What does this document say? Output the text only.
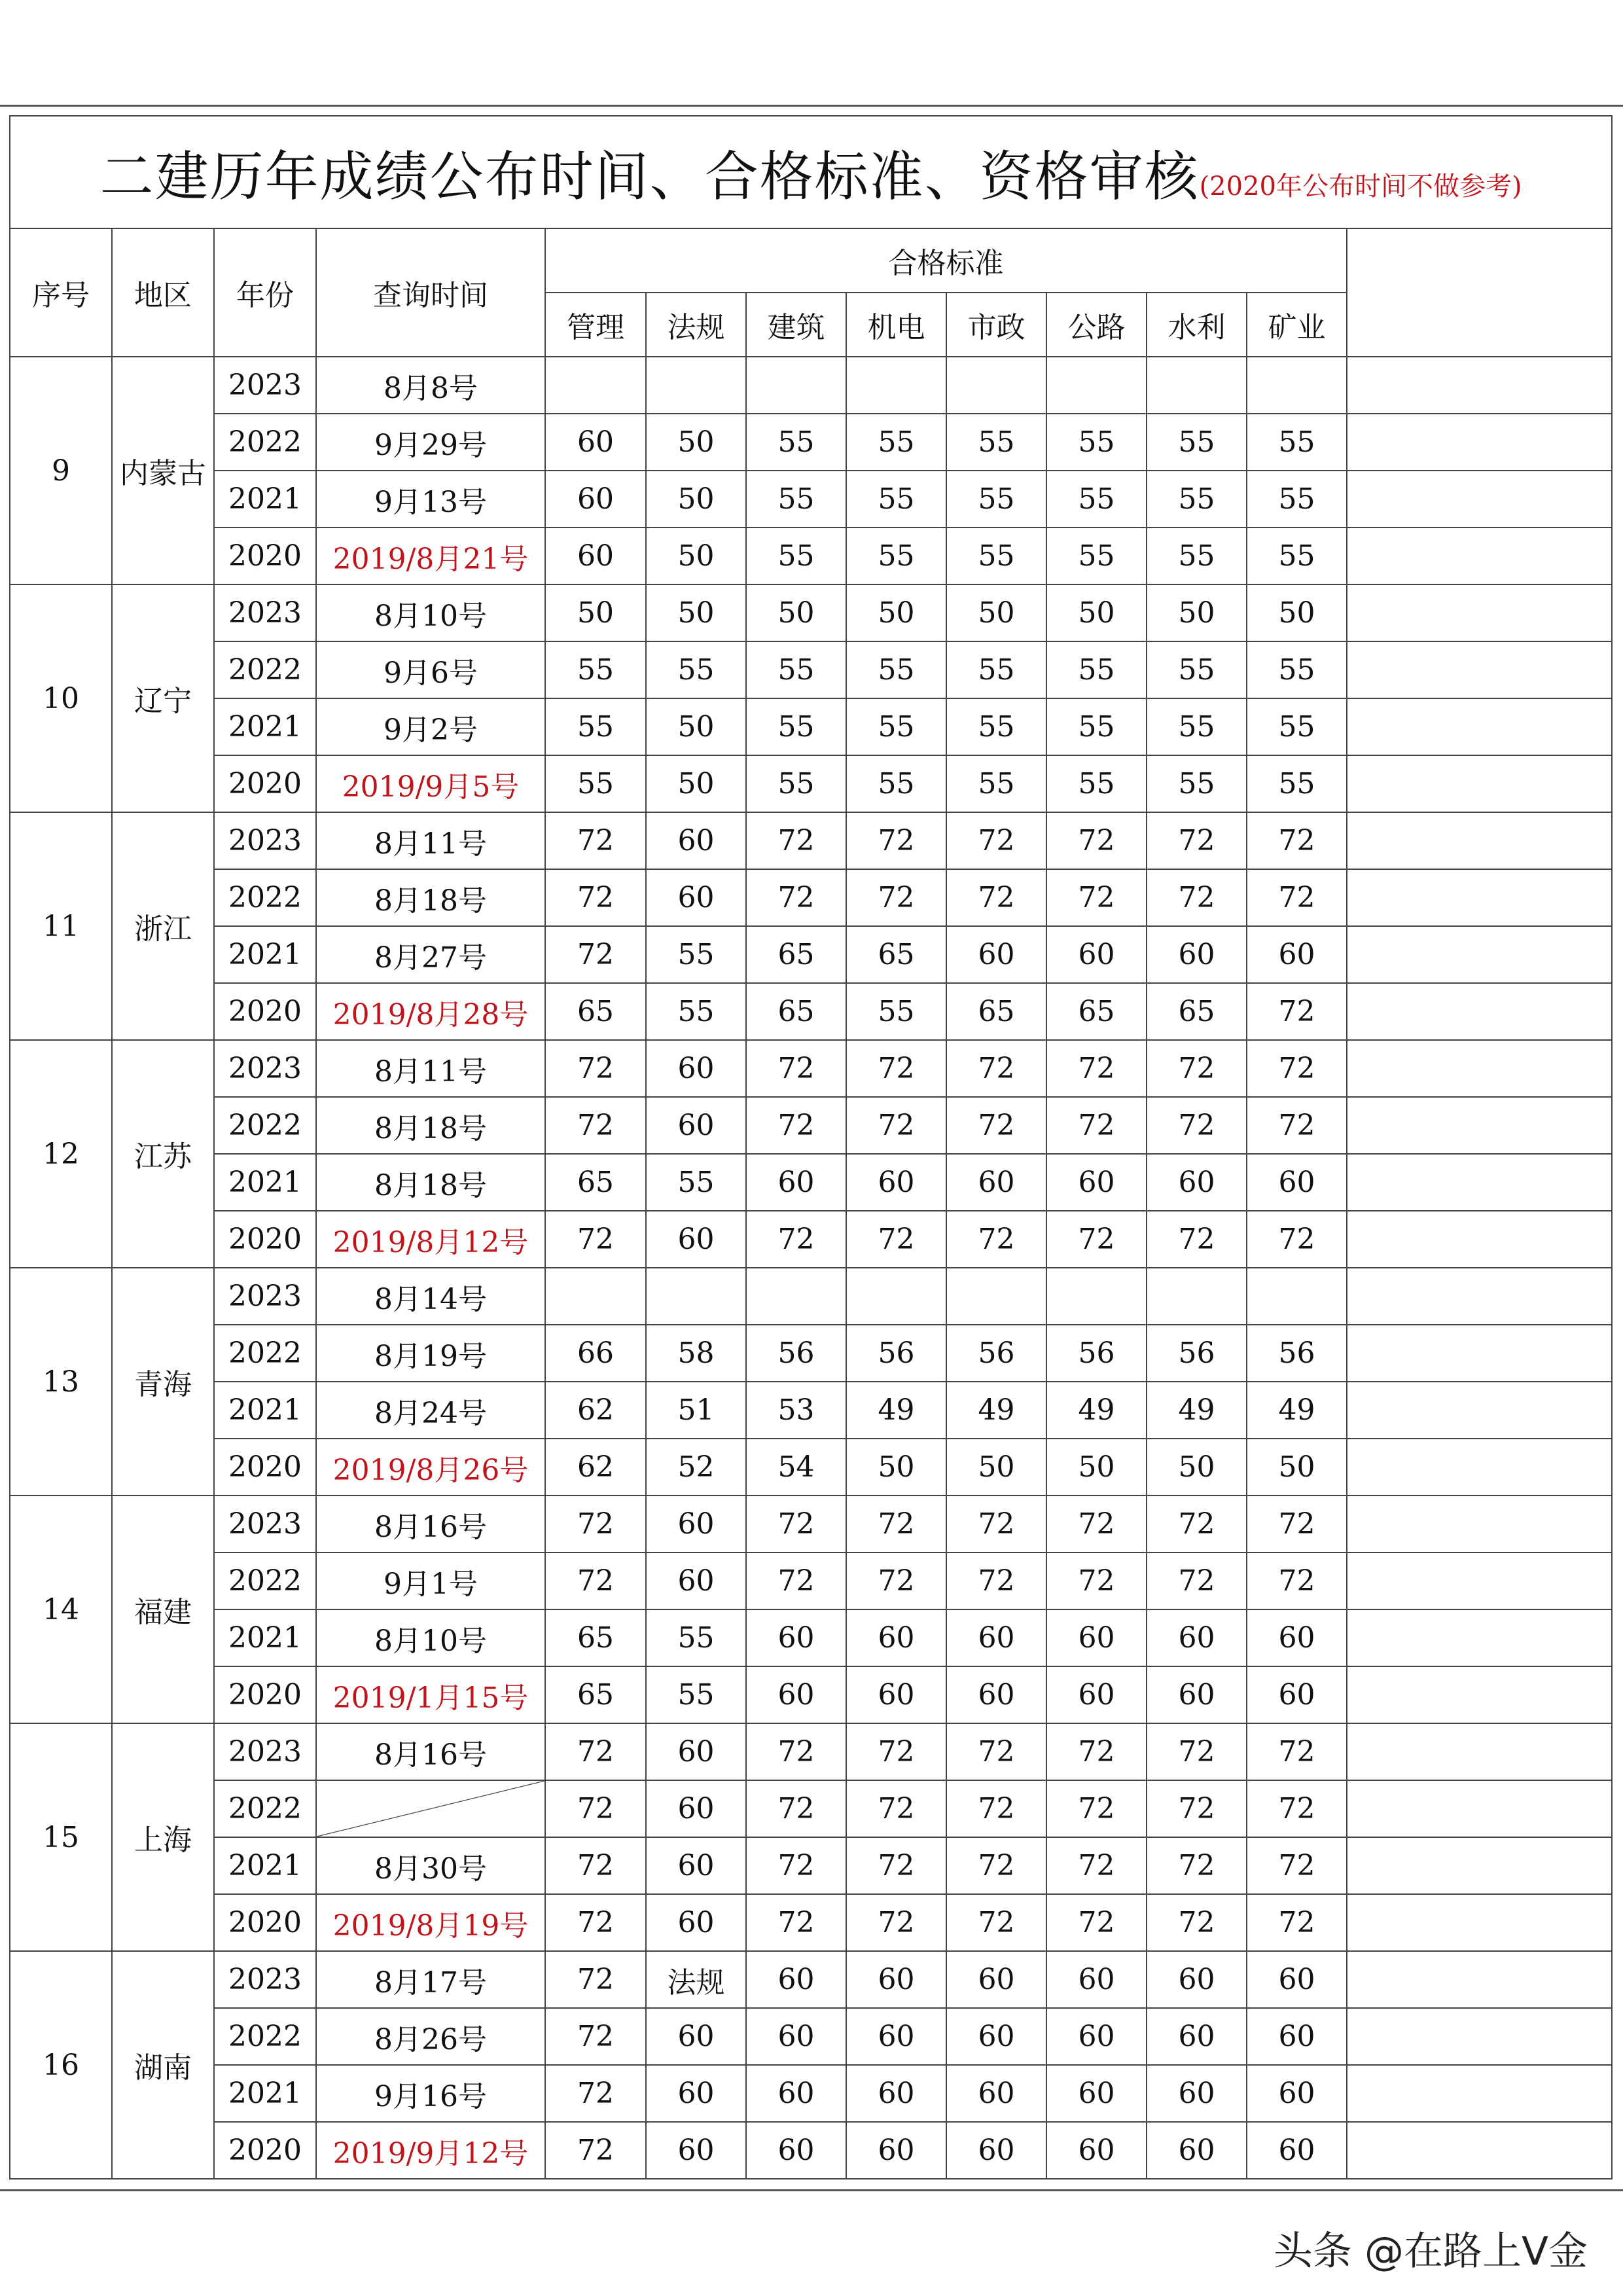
二建历年成绩公布时间、合格标准、资格审核(2020年公布时间不做参考)												
序号	地区	年份	查询时间	合格标准								
				管理	法规	建筑	机电	市政	公路	水利	矿业	
9	内蒙古	2023	8月8号									
		2022	9月29号	60	50	55	55	55	55	55	55	
		2021	9月13号	60	50	55	55	55	55	55	55	
		2020	2019/8月21号	60	50	55	55	55	55	55	55	
10	辽宁	2023	8月10号	50	50	50	50	50	50	50	50	
		2022	9月6号	55	55	55	55	55	55	55	55	
		2021	9月2号	55	50	55	55	55	55	55	55	
		2020	2019/9月5号	55	50	55	55	55	55	55	55	
11	浙江	2023	8月11号	72	60	72	72	72	72	72	72	
		2022	8月18号	72	60	72	72	72	72	72	72	
		2021	8月27号	72	55	65	65	60	60	60	60	
		2020	2019/8月28号	65	55	65	55	65	65	65	72	
12	江苏	2023	8月11号	72	60	72	72	72	72	72	72	
		2022	8月18号	72	60	72	72	72	72	72	72	
		2021	8月18号	65	55	60	60	60	60	60	60	
		2020	2019/8月12号	72	60	72	72	72	72	72	72	
13	青海	2023	8月14号									
		2022	8月19号	66	58	56	56	56	56	56	56	
		2021	8月24号	62	51	53	49	49	49	49	49	
		2020	2019/8月26号	62	52	54	50	50	50	50	50	
14	福建	2023	8月16号	72	60	72	72	72	72	72	72	
		2022	9月1号	72	60	72	72	72	72	72	72	
		2021	8月10号	65	55	60	60	60	60	60	60	
		2020	2019/1月15号	65	55	60	60	60	60	60	60	
15	上海	2023	8月16号	72	60	72	72	72	72	72	72	
		2022		72	60	72	72	72	72	72	72	
		2021	8月30号	72	60	72	72	72	72	72	72	
		2020	2019/8月19号	72	60	72	72	72	72	72	72	
16	湖南	2023	8月17号	72	法规	60	60	60	60	60	60	
		2022	8月26号	72	60	60	60	60	60	60	60	
		2021	9月16号	72	60	60	60	60	60	60	60	
		2020	2019/9月12号	72	60	60	60	60	60	60	60	
头条 @在路上V金
